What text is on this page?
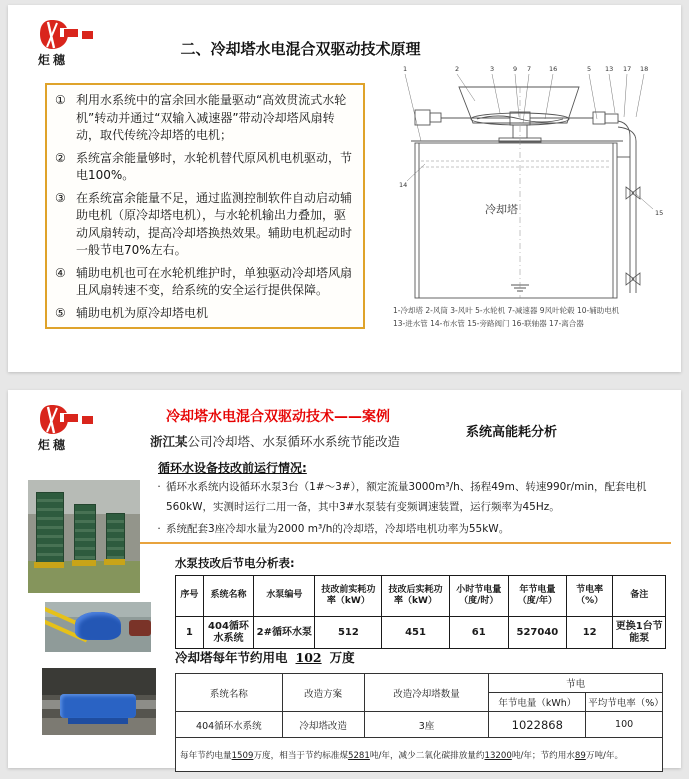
炬穗
二、冷却塔水电混合双驱动技术原理
① 利用水系统中的富余回水能量驱动“高效贯流式水轮机”转动并通过“双输入减速器”带动冷却塔风扇转动，取代传统冷却塔的电机；
② 系统富余能量够时，水轮机替代原风机电机驱动，节电100%。
③ 在系统富余能量不足，通过监测控制软件自动启动辅助电机（原冷却塔电机），与水轮机输出力叠加，驱动风扇转动，提高冷却塔换热效果。辅助电机起动时一般节电70%左右。
④ 辅助电机也可在水轮机维护时，单独驱动冷却塔风扇且风扇转速不变，给系统的安全运行提供保障。
⑤ 辅助电机为原冷却塔电机
1	2	3	9 7	16	5 13 17 18
14
15
冷却塔
1-冷却塔 2-风筒 3-风叶 5-水轮机 7-减速器 9风叶轮毂 10-辅助电机
13-进水管 14-布水管 15-旁路阀门 16-联轴器 17-离合器
炬穗
冷却塔水电混合双驱动技术——案例
系统高能耗分析
浙江某公司冷却塔、水泵循环水系统节能改造
循环水设备技改前运行情况:
· 循环水系统内设循环水泵3台（1#～3#），额定流量3000m³/h、扬程49m、转速990r/min，配套电机560kW，实测时运行二用一备，其中3#水泵装有变频调速装置，运行频率为45Hz。
· 系统配套3座冷却水量为2000 m³/h的冷却塔，冷却塔电机功率为55kW。
水泵技改后节电分析表:
序号	系统名称	水泵编号	技改前实耗功率（kW）	技改后实耗功率（kW）	小时节电量（度/时）	年节电量（度/年）	节电率（%）	备注
1	404循环水系统	2#循环水泵	512	451	61	527040	12	更换1台节能泵
冷却塔每年节约用电 102 万度
系统名称	改造方案	改造冷却塔数量	节电	
			年节电量（kWh）	平均节电率（%）
404循环水系统	冷却塔改造	3座	1022868	100
每年节约电量1509万度，相当于节约标准煤5281吨/年，减少二氧化碳排放量约13200吨/年；节约用水89万吨/年。				
